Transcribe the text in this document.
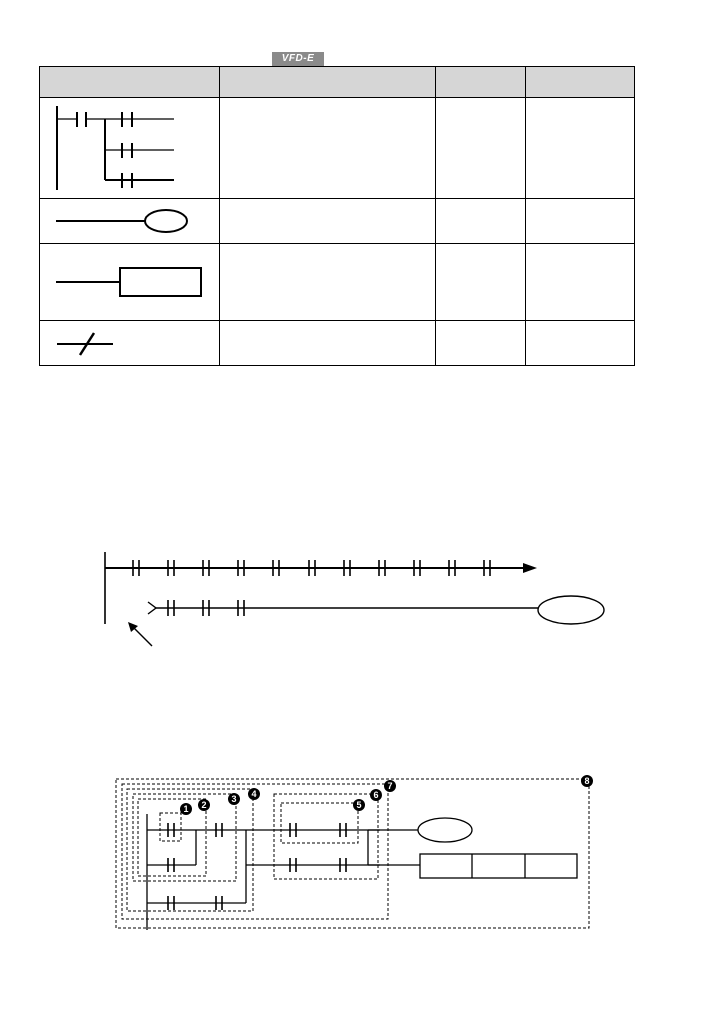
VFD-E

1 2
3 4
5
6
7	8
